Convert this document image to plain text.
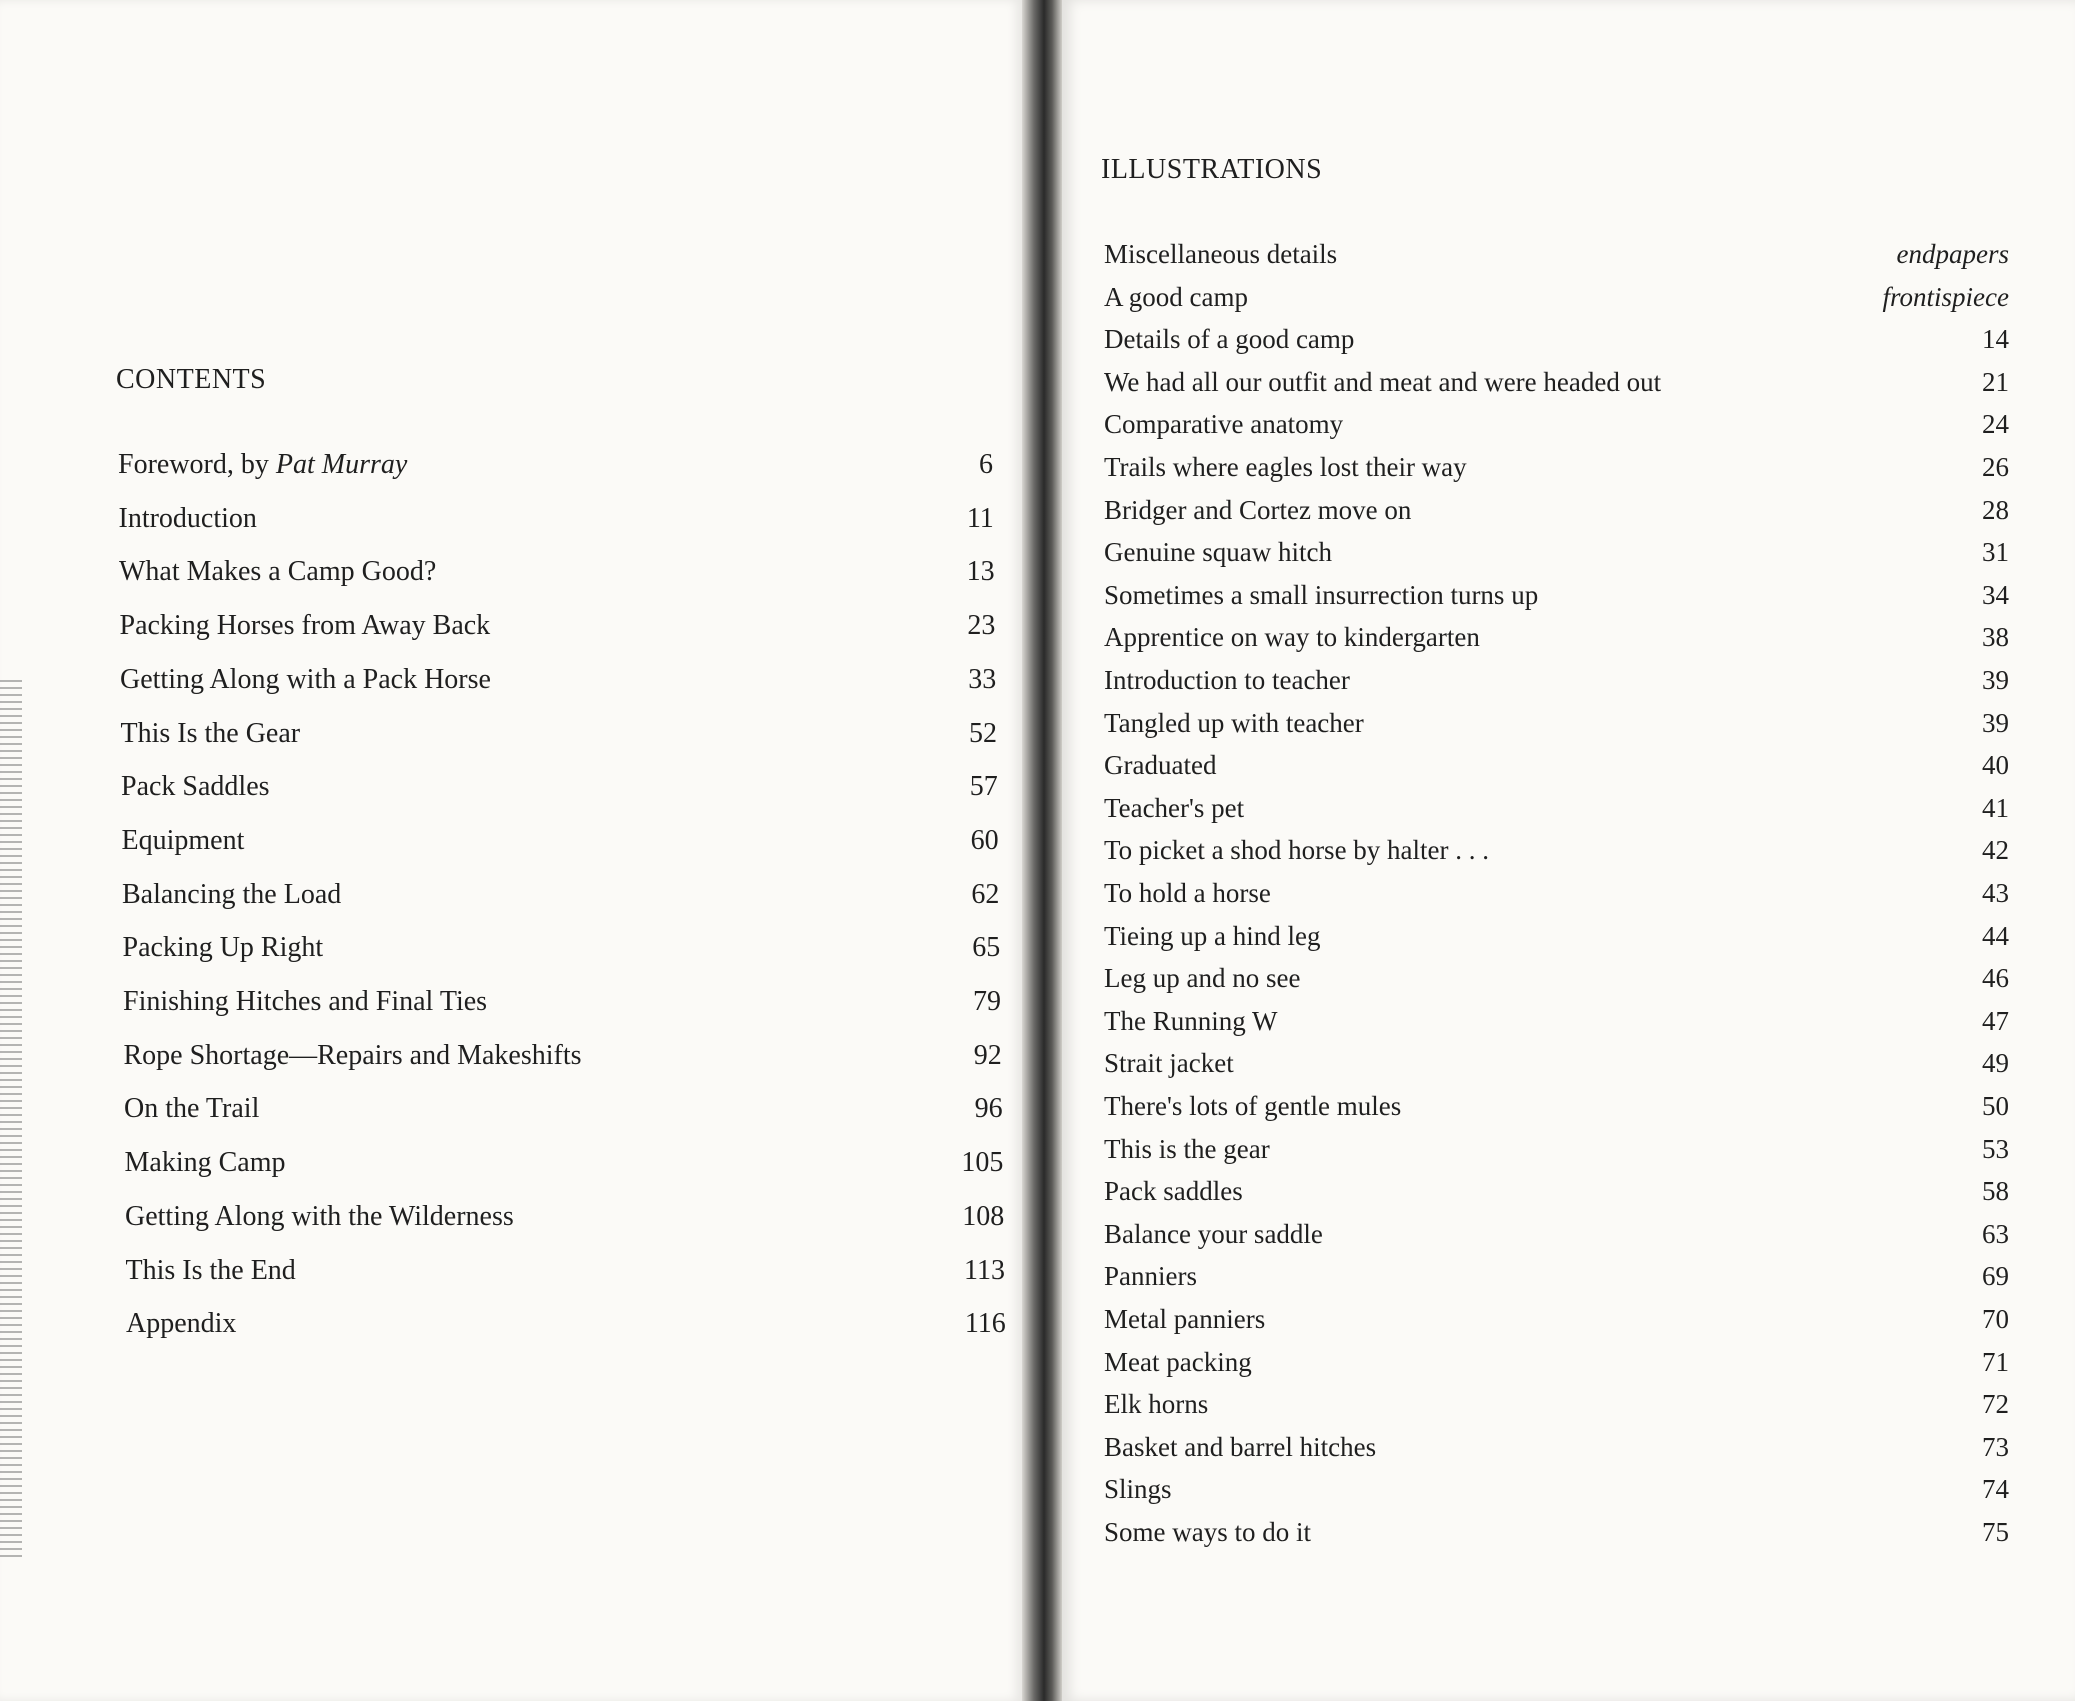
CONTENTS
Foreword, by Pat Murray	6
Introduction	11
What Makes a Camp Good?	13
Packing Horses from Away Back	23
Getting Along with a Pack Horse	33
This Is the Gear	52
Pack Saddles	57
Equipment	60
Balancing the Load	62
Packing Up Right	65
Finishing Hitches and Final Ties	79
Rope Shortage—Repairs and Makeshifts	92
On the Trail	96
Making Camp	105
Getting Along with the Wilderness	108
This Is the End	113
Appendix	116
ILLUSTRATIONS
Miscellaneous details	endpapers
A good camp	frontispiece
Details of a good camp	14
We had all our outfit and meat and were headed out	21
Comparative anatomy	24
Trails where eagles lost their way	26
Bridger and Cortez move on	28
Genuine squaw hitch	31
Sometimes a small insurrection turns up	34
Apprentice on way to kindergarten	38
Introduction to teacher	39
Tangled up with teacher	39
Graduated	40
Teacher's pet	41
To picket a shod horse by halter . . .	42
To hold a horse	43
Tieing up a hind leg	44
Leg up and no see	46
The Running W	47
Strait jacket	49
There's lots of gentle mules	50
This is the gear	53
Pack saddles	58
Balance your saddle	63
Panniers	69
Metal panniers	70
Meat packing	71
Elk horns	72
Basket and barrel hitches	73
Slings	74
Some ways to do it	75
